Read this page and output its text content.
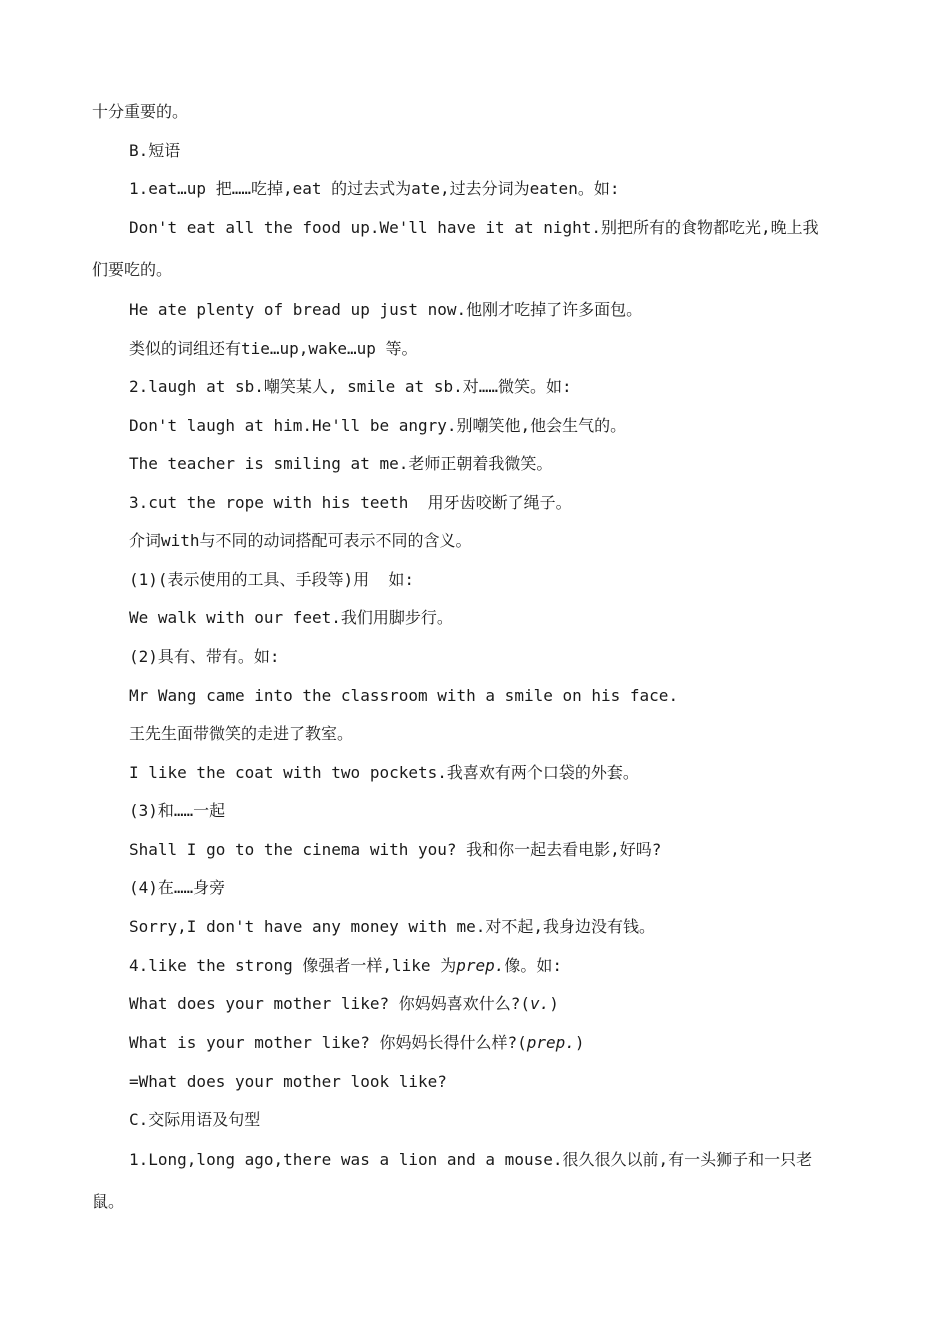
十分重要的。
B.短语
1.eat…up 把……吃掉,eat 的过去式为ate,过去分词为eaten。如:
Don't eat all the food up.We'll have it at night.别把所有的食物都吃光,晚上我
们要吃的。
He ate plenty of bread up just now.他刚才吃掉了许多面包。
类似的词组还有tie…up,wake…up 等。
2.laugh at sb.嘲笑某人, smile at sb.对……微笑。如:
Don't laugh at him.He'll be angry.别嘲笑他,他会生气的。
The teacher is smiling at me.老师正朝着我微笑。
3.cut the rope with his teeth  用牙齿咬断了绳子。
介词with与不同的动词搭配可表示不同的含义。
(1)(表示使用的工具、手段等)用  如:
We walk with our feet.我们用脚步行。
(2)具有、带有。如:
Mr Wang came into the classroom with a smile on his face.
王先生面带微笑的走进了教室。
I like the coat with two pockets.我喜欢有两个口袋的外套。
(3)和……一起
Shall I go to the cinema with you? 我和你一起去看电影,好吗?
(4)在……身旁
Sorry,I don't have any money with me.对不起,我身边没有钱。
4.like the strong 像强者一样,like 为prep.像。如:
What does your mother like? 你妈妈喜欢什么?(v.)
What is your mother like? 你妈妈长得什么样?(prep.)
=What does your mother look like?
C.交际用语及句型
1.Long,long ago,there was a lion and a mouse.很久很久以前,有一头狮子和一只老
鼠。
